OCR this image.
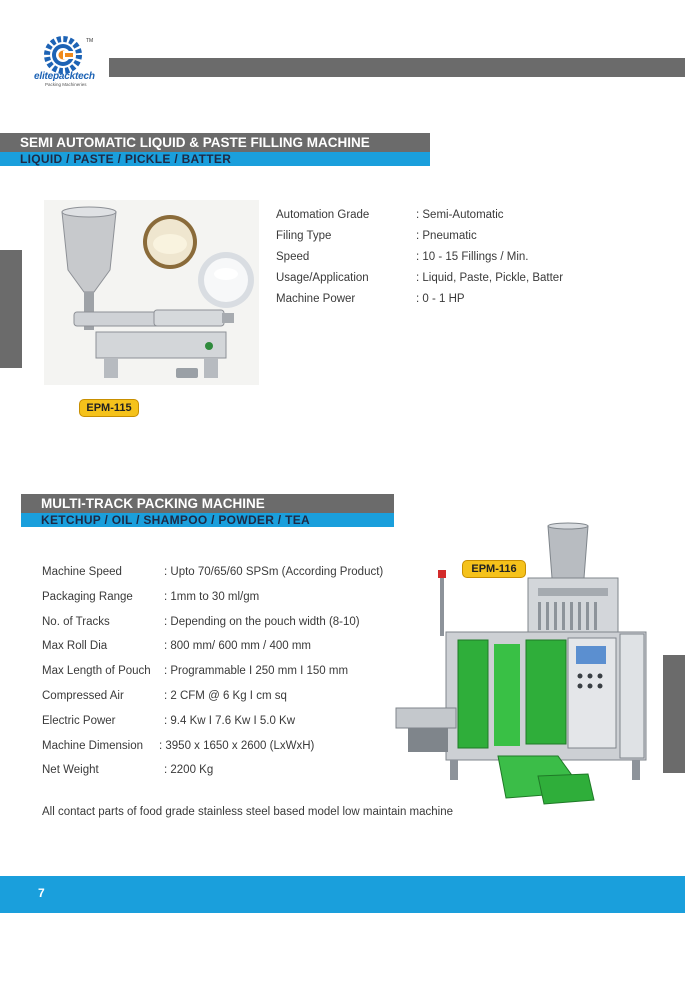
TM
elitepacktech
Packing Machineries
SEMI AUTOMATIC LIQUID & PASTE FILLING MACHINE
LIQUID / PASTE / PICKLE / BATTER
EPM-115
Automation Grade	: Semi-Automatic
Filing Type	: Pneumatic
Speed	: 10 - 15 Fillings / Min.
Usage/Application	: Liquid, Paste, Pickle, Batter
Machine Power	: 0 - 1 HP
MULTI-TRACK PACKING MACHINE
KETCHUP / OIL / SHAMPOO / POWDER / TEA
Machine Speed	: Upto 70/65/60 SPSm (According Product)
Packaging Range	: 1mm to 30 ml/gm
No. of Tracks	: Depending on the pouch width (8-10)
Max Roll Dia	: 800 mm/ 600 mm / 400 mm
Max Length of Pouch : Programmable I 250 mm I 150 mm
Compressed Air	: 2 CFM @ 6 Kg I cm sq
Electric Power	: 9.4 Kw I 7.6 Kw I 5.0 Kw
Machine Dimension : 3950 x 1650 x 2600 (LxWxH)
Net Weight	: 2200 Kg
EPM-116
All contact parts of food grade stainless steel based model low maintain machine
7
